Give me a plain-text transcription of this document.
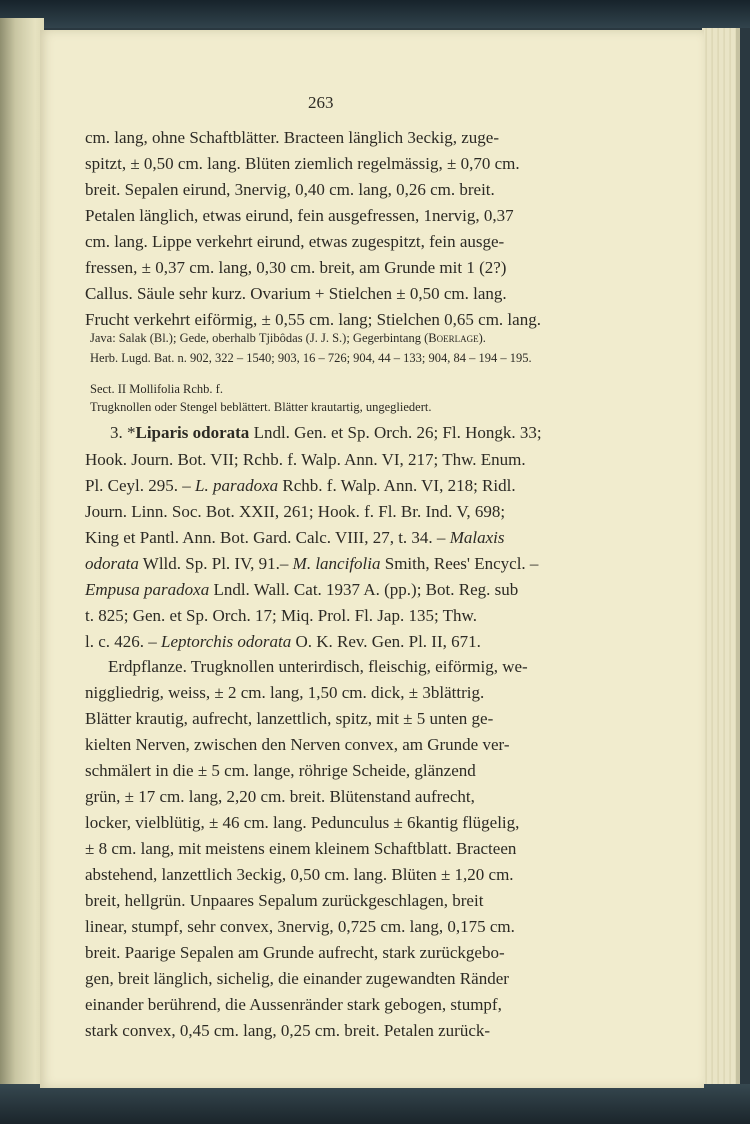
263
cm. lang, ohne Schaftblätter. Bracteen länglich 3eckig, zuge-
spitzt, ± 0,50 cm. lang. Blüten ziemlich regelmässig, ± 0,70 cm.
breit. Sepalen eirund, 3nervig, 0,40 cm. lang, 0,26 cm. breit.
Petalen länglich, etwas eirund, fein ausgefressen, 1nervig, 0,37
cm. lang. Lippe verkehrt eirund, etwas zugespitzt, fein ausge-
fressen, ± 0,37 cm. lang, 0,30 cm. breit, am Grunde mit 1 (2?)
Callus. Säule sehr kurz. Ovarium + Stielchen ± 0,50 cm. lang.
Frucht verkehrt eiförmig, ± 0,55 cm. lang; Stielchen 0,65 cm. lang.
Java: Salak (Bl.); Gede, oberhalb Tjibôdas (J. J. S.); Gegerbintang (Boerlage).
Herb. Lugd. Bat. n. 902, 322 – 1540; 903, 16 – 726; 904, 44 – 133; 904, 84 – 194 – 195.
Sect. II Mollifolia Rchb. f.
Trugknollen oder Stengel beblättert. Blätter krautartig, ungegliedert.
3. *Liparis odorata Lndl. Gen. et Sp. Orch. 26; Fl. Hongk. 33;
Hook. Journ. Bot. VII; Rchb. f. Walp. Ann. VI, 217; Thw. Enum.
Pl. Ceyl. 295. – L. paradoxa Rchb. f. Walp. Ann. VI, 218; Ridl.
Journ. Linn. Soc. Bot. XXII, 261; Hook. f. Fl. Br. Ind. V, 698;
King et Pantl. Ann. Bot. Gard. Calc. VIII, 27, t. 34. – Malaxis
odorata Wlld. Sp. Pl. IV, 91.– M. lancifolia Smith, Rees' Encycl. –
Empusa paradoxa Lndl. Wall. Cat. 1937 A. (pp.); Bot. Reg. sub
t. 825; Gen. et Sp. Orch. 17; Miq. Prol. Fl. Jap. 135; Thw.
l. c. 426. – Leptorchis odorata O. K. Rev. Gen. Pl. II, 671.
Erdpflanze. Trugknollen unterirdisch, fleischig, eiförmig, we-
niggliedrig, weiss, ± 2 cm. lang, 1,50 cm. dick, ± 3blättrig.
Blätter krautig, aufrecht, lanzettlich, spitz, mit ± 5 unten ge-
kielten Nerven, zwischen den Nerven convex, am Grunde ver-
schmälert in die ± 5 cm. lange, röhrige Scheide, glänzend
grün, ± 17 cm. lang, 2,20 cm. breit. Blütenstand aufrecht,
locker, vielblütig, ± 46 cm. lang. Pedunculus ± 6kantig flügelig,
± 8 cm. lang, mit meistens einem kleinem Schaftblatt. Bracteen
abstehend, lanzettlich 3eckig, 0,50 cm. lang. Blüten ± 1,20 cm.
breit, hellgrün. Unpaares Sepalum zurückgeschlagen, breit
linear, stumpf, sehr convex, 3nervig, 0,725 cm. lang, 0,175 cm.
breit. Paarige Sepalen am Grunde aufrecht, stark zurückgebo-
gen, breit länglich, sichelig, die einander zugewandten Ränder
einander berührend, die Aussenränder stark gebogen, stumpf,
stark convex, 0,45 cm. lang, 0,25 cm. breit. Petalen zurück-
